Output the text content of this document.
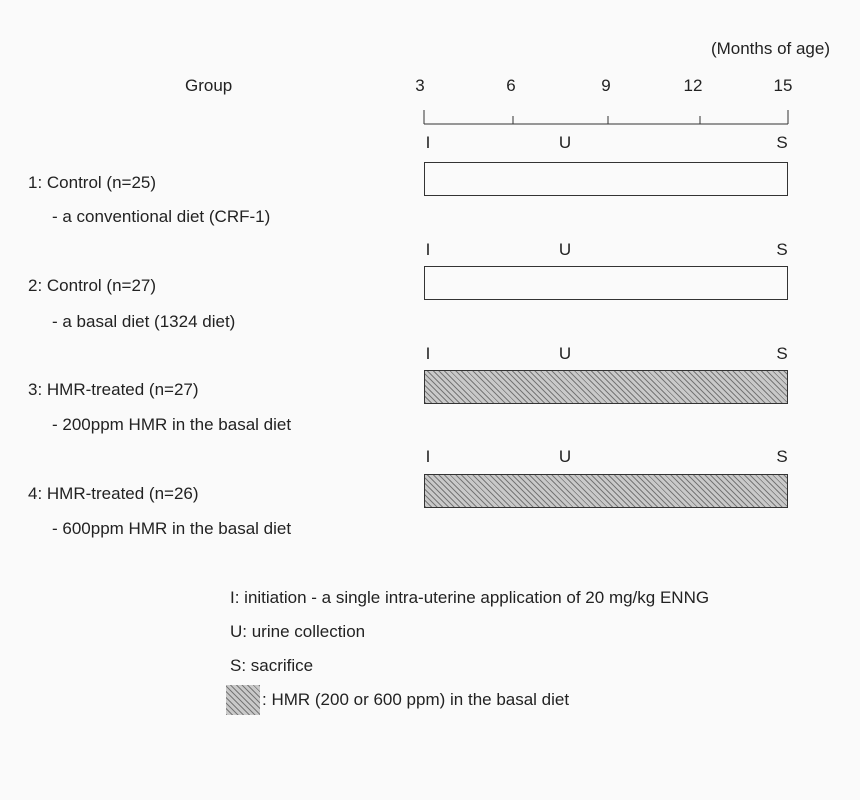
(Months of age)
Group	3	6	9	12	15
I	U	S
1: Control (n=25)
- a conventional diet (CRF-1)
I	U	S
2: Control (n=27)
- a basal diet (1324 diet)
I	U	S
3: HMR-treated (n=27)
- 200ppm HMR in the basal diet
I	U	S
4: HMR-treated (n=26)
- 600ppm HMR in the basal diet
I: initiation - a single intra-uterine application of 20 mg/kg ENNG
U: urine collection
S: sacrifice
: HMR (200 or 600 ppm) in the basal diet
